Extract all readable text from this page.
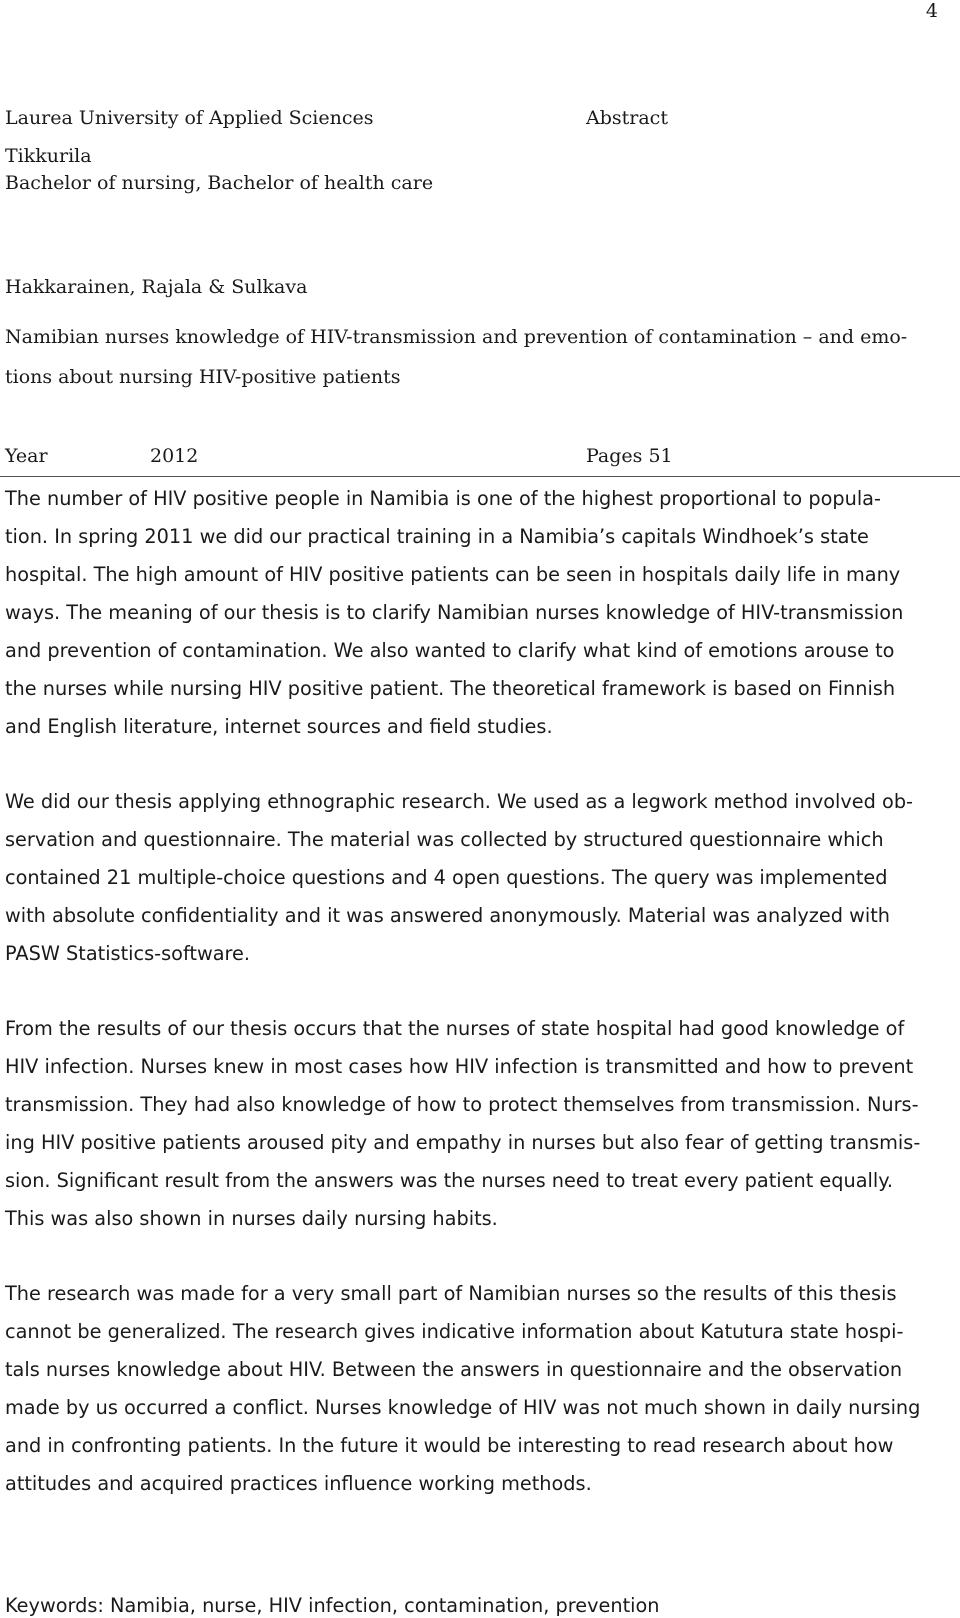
4
Laurea University of Applied Sciences	Abstract
Tikkurila
Bachelor of nursing, Bachelor of health care
Hakkarainen, Rajala & Sulkava
Namibian nurses knowledge of HIV-transmission and prevention of contamination – and emo-
tions about nursing HIV-positive patients
Year	2012	Pages 51
The number of HIV positive people in Namibia is one of the highest proportional to popula-
tion. In spring 2011 we did our practical training in a Namibia’s capitals Windhoek’s state
hospital. The high amount of HIV positive patients can be seen in hospitals daily life in many
ways. The meaning of our thesis is to clarify Namibian nurses knowledge of HIV-transmission
and prevention of contamination. We also wanted to clarify what kind of emotions arouse to
the nurses while nursing HIV positive patient. The theoretical framework is based on Finnish
and English literature, internet sources and field studies.
We did our thesis applying ethnographic research. We used as a legwork method involved ob-
servation and questionnaire. The material was collected by structured questionnaire which
contained 21 multiple-choice questions and 4 open questions. The query was implemented
with absolute confidentiality and it was answered anonymously. Material was analyzed with
PASW Statistics-software.
From the results of our thesis occurs that the nurses of state hospital had good knowledge of
HIV infection. Nurses knew in most cases how HIV infection is transmitted and how to prevent
transmission. They had also knowledge of how to protect themselves from transmission. Nurs-
ing HIV positive patients aroused pity and empathy in nurses but also fear of getting transmis-
sion. Significant result from the answers was the nurses need to treat every patient equally.
This was also shown in nurses daily nursing habits.
The research was made for a very small part of Namibian nurses so the results of this thesis
cannot be generalized. The research gives indicative information about Katutura state hospi-
tals nurses knowledge about HIV. Between the answers in questionnaire and the observation
made by us occurred a conflict. Nurses knowledge of HIV was not much shown in daily nursing
and in confronting patients. In the future it would be interesting to read research about how
attitudes and acquired practices influence working methods.
Keywords: Namibia, nurse, HIV infection, contamination, prevention
